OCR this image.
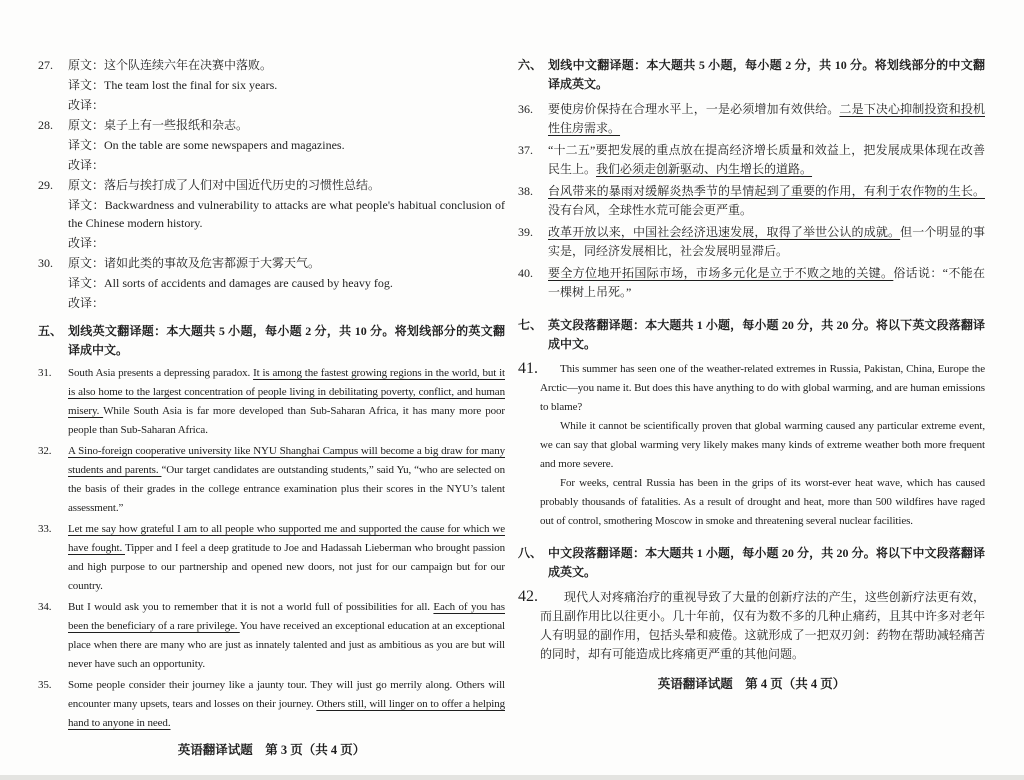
27. 原文：这个队连续六年在决赛中落败。
译文：The team lost the final for six years.
改译：
28. 原文：桌子上有一些报纸和杂志。
译文：On the table are some newspapers and magazines.
改译：
29. 原文：落后与挨打成了人们对中国近代历史的习惯性总结。
译文：Backwardness and vulnerability to attacks are what people's habitual conclusion of the Chinese modern history.
改译：
30. 原文：诸如此类的事故及危害都源于大雾天气。
译文：All sorts of accidents and damages are caused by heavy fog.
改译：
五、 划线英文翻译题：本大题共 5 小题，每小题 2 分，共 10 分。将划线部分的英文翻译成中文。
31. South Asia presents a depressing paradox. It is among the fastest growing regions in the world, but it is also home to the largest concentration of people living in debilitating poverty, conflict, and human misery. While South Asia is far more developed than Sub-Saharan Africa, it has many more poor people than Sub-Saharan Africa.
32. A Sino-foreign cooperative university like NYU Shanghai Campus will become a big draw for many students and parents. “Our target candidates are outstanding students,” said Yu, “who are selected on the basis of their grades in the college entrance examination plus their scores in the NYU’s talent assessment.”
33. Let me say how grateful I am to all people who supported me and supported the cause for which we have fought. Tipper and I feel a deep gratitude to Joe and Hadassah Lieberman who brought passion and high purpose to our partnership and opened new doors, not just for our campaign but for our country.
34. But I would ask you to remember that it is not a world full of possibilities for all. Each of you has been the beneficiary of a rare privilege. You have received an exceptional education at an exceptional place when there are many who are just as innately talented and just as ambitious as you are but will never have such an opportunity.
35. Some people consider their journey like a jaunty tour. They will just go merrily along. Others will encounter many upsets, tears and losses on their journey. Others still, will linger on to offer a helping hand to anyone in need.
英语翻译试题　第 3 页（共 4 页）
六、 划线中文翻译题：本大题共 5 小题，每小题 2 分，共 10 分。将划线部分的中文翻译成英文。
36. 要使房价保持在合理水平上，一是必须增加有效供给。二是下决心抑制投资和投机性住房需求。
37. “十二五”要把发展的重点放在提高经济增长质量和效益上，把发展成果体现在改善民生上。我们必须走创新驱动、内生增长的道路。
38. 台风带来的暴雨对缓解炎热季节的旱情起到了重要的作用，有利于农作物的生长。没有台风，全球性水荒可能会更严重。
39. 改革开放以来，中国社会经济迅速发展，取得了举世公认的成就。但一个明显的事实是，同经济发展相比，社会发展明显滞后。
40. 要全方位地开拓国际市场，市场多元化是立于不败之地的关键。俗话说：“不能在一棵树上吊死。”
七、 英文段落翻译题：本大题共 1 小题，每小题 20 分，共 20 分。将以下英文段落翻译成中文。
41.	This summer has seen one of the weather-related extremes in Russia, Pakistan, China, Europe the Arctic—you name it. But does this have anything to do with global warming, and are human emissions to blame?

While it cannot be scientifically proven that global warming caused any particular extreme event, we can say that global warming very likely makes many kinds of extreme weather both more frequent and more severe.

For weeks, central Russia has been in the grips of its worst-ever heat wave, which has caused probably thousands of fatalities. As a result of drought and heat, more than 500 wildfires have raged out of control, smothering Moscow in smoke and threatening several nuclear facilities.

八、 中文段落翻译题：本大题共 1 小题，每小题 20 分，共 20 分。将以下中文段落翻译成英文。
42.	现代人对疼痛治疗的重视导致了大量的创新疗法的产生，这些创新疗法更有效，而且副作用比以往更小。几十年前，仅有为数不多的几种止痛药，且其中许多对老年人有明显的副作用，包括头晕和疲倦。这就形成了一把双刃剑：药物在帮助减轻痛苦的同时，却有可能造成比疼痛更严重的其他问题。

英语翻译试题　第 4 页（共 4 页）
